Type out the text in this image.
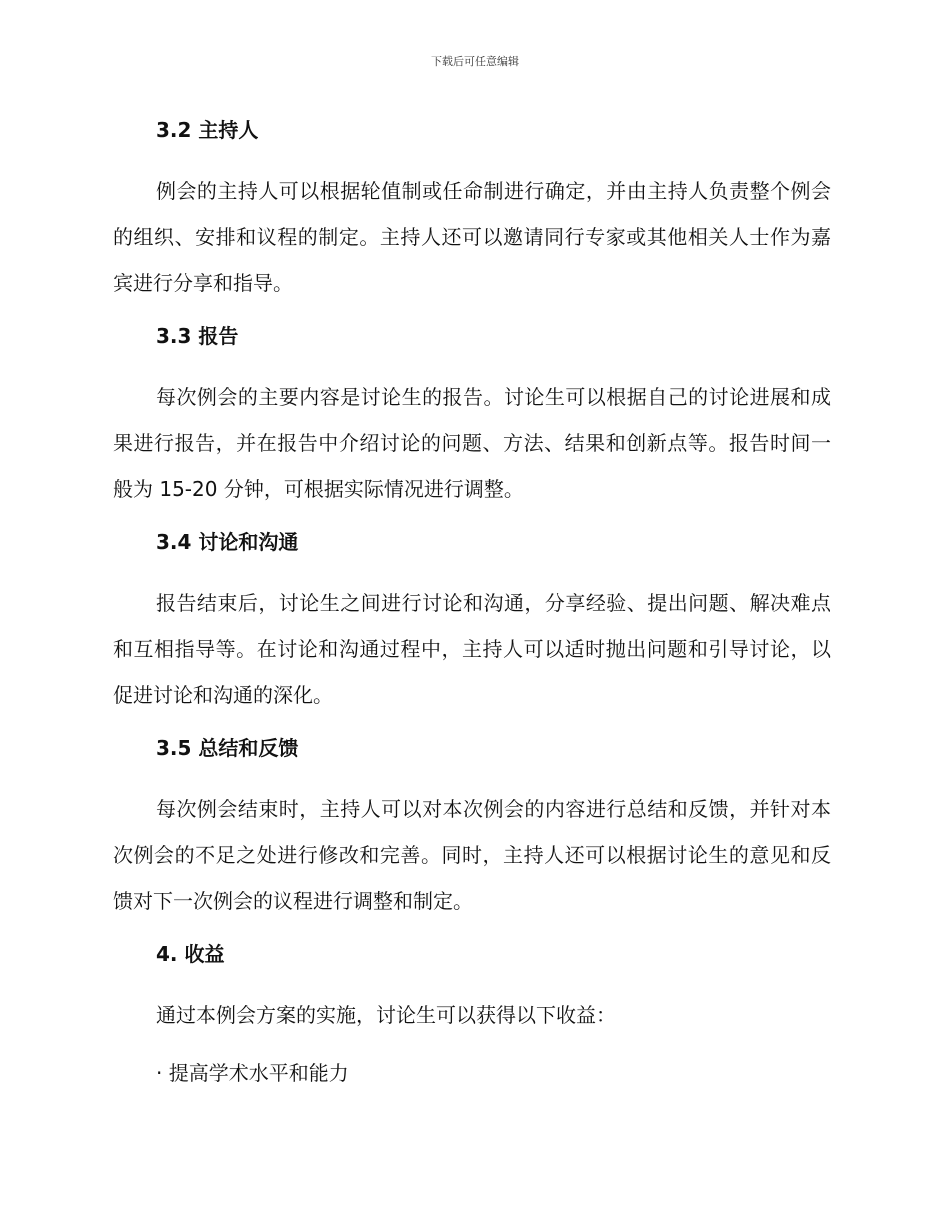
下载后可任意编辑
3.2 主持人

例会的主持人可以根据轮值制或任命制进行确定，并由主持人负责整个例会的组织、安排和议程的制定。主持人还可以邀请同行专家或其他相关人士作为嘉宾进行分享和指导。

3.3 报告

每次例会的主要内容是讨论生的报告。讨论生可以根据自己的讨论进展和成果进行报告，并在报告中介绍讨论的问题、方法、结果和创新点等。报告时间一般为 15-20 分钟，可根据实际情况进行调整。

3.4 讨论和沟通

报告结束后，讨论生之间进行讨论和沟通，分享经验、提出问题、解决难点和互相指导等。在讨论和沟通过程中，主持人可以适时抛出问题和引导讨论，以促进讨论和沟通的深化。

3.5 总结和反馈

每次例会结束时，主持人可以对本次例会的内容进行总结和反馈，并针对本次例会的不足之处进行修改和完善。同时，主持人还可以根据讨论生的意见和反馈对下一次例会的议程进行调整和制定。

4. 收益

通过本例会方案的实施，讨论生可以获得以下收益：

· 提高学术水平和能力
